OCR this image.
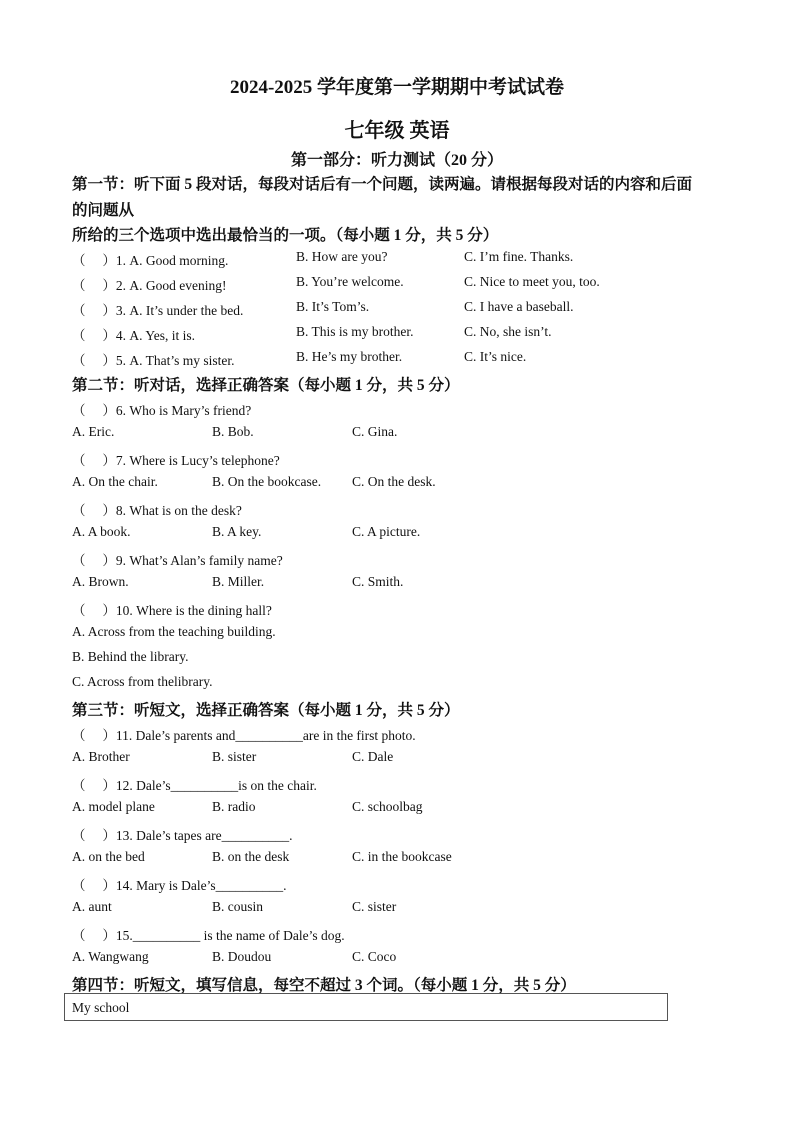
2024-2025 学年度第一学期期中考试试卷
七年级 英语
第一部分：听力测试（20 分）
第一节：听下面 5 段对话，每段对话后有一个问题，读两遍。请根据每段对话的内容和后面
的问题从
所给的三个选项中选出最恰当的一项。（每小题 1 分，共 5 分）
（　 ）1. A. Good morning.	B. How are you?	C. I’m fine. Thanks.
（　 ）2. A. Good evening!	B. You’re welcome.	C. Nice to meet you, too.
（　 ）3. A. It’s under the bed.	B. It’s Tom’s.	C. I have a baseball.
（　 ）4. A. Yes, it is.	B. This is my brother.	C. No, she isn’t.
（　 ）5. A. That’s my sister.	B. He’s my brother.	C. It’s nice.
第二节：听对话，选择正确答案（每小题 1 分，共 5 分）
（　 ）6. Who is Mary’s friend?
A. Eric.	B. Bob.	C. Gina.
（　 ）7. Where is Lucy’s telephone?
A. On the chair.	B. On the bookcase. C. On the desk.
（　 ）8. What is on the desk?
A. A book.	B. A key.	C. A picture.
（　 ）9. What’s Alan’s family name?
A. Brown.	B. Miller.	C. Smith.
（　 ）10. Where is the dining hall?
A. Across from the teaching building.
B. Behind the library.
C. Across from thelibrary.
第三节：听短文，选择正确答案（每小题 1 分，共 5 分）
（　 ）11. Dale’s parents and__________are in the first photo.
A. Brother	B. sister	C. Dale
（　 ）12. Dale’s__________is on the chair.
A. model plane	B. radio	C. schoolbag
（　 ）13. Dale’s tapes are__________.
A. on the bed	B. on the desk	C. in the bookcase
（　 ）14. Mary is Dale’s__________.
A. aunt	B. cousin	C. sister
（　 ）15.__________ is the name of Dale’s dog.
A. Wangwang	B. Doudou	C. Coco
第四节：听短文，填写信息，每空不超过 3 个词。（每小题 1 分，共 5 分）
My school
